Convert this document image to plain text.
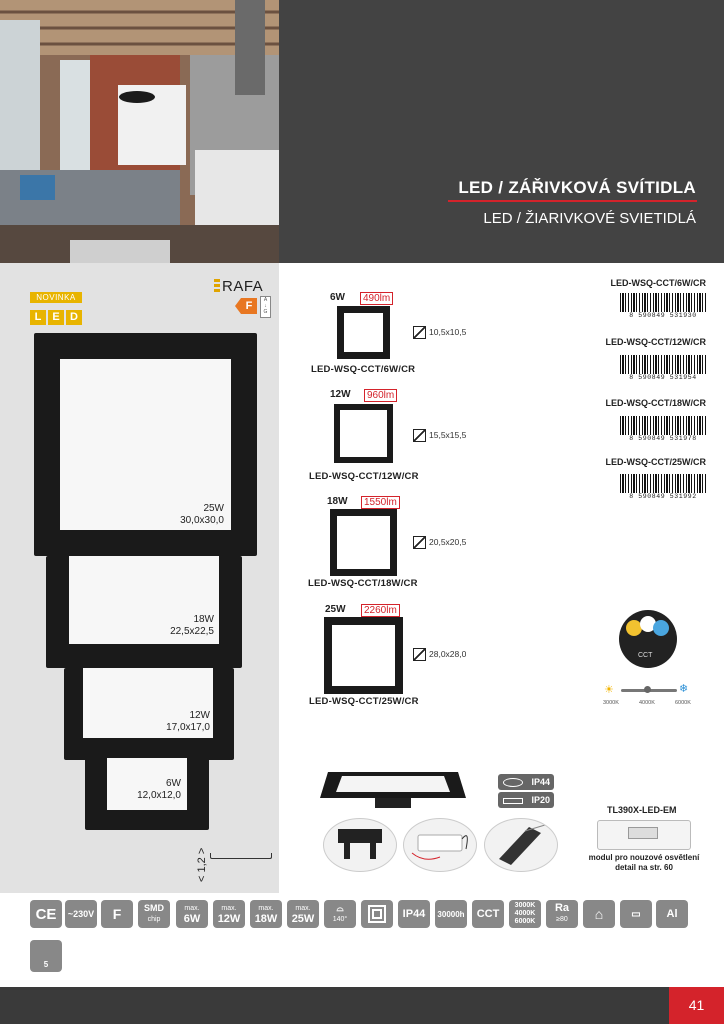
LED / ZÁŘIVKOVÁ SVÍTIDLA
LED / ŽIARIVKOVÉ SVIETIDLÁ
RAFA
NOVINKA
L E D
F	A
↓
G
25W
30,0x30,0
18W
22,5x22,5
12W
17,0x17,0
6W
12,0x12,0
< 1,2 >
6W	490lm
10,5x10,5
LED-WSQ-CCT/6W/CR
12W	960lm
15,5x15,5
LED-WSQ-CCT/12W/CR
18W	1550lm
20,5x20,5
LED-WSQ-CCT/18W/CR
25W	2260lm
28,0x28,0
LED-WSQ-CCT/25W/CR
LED-WSQ-CCT/6W/CR
8 590849 531930
LED-WSQ-CCT/12W/CR
8 590849 531954
LED-WSQ-CCT/18W/CR
8 590849 531978
LED-WSQ-CCT/25W/CR
8 590849 531992
CCT
☀	❄
3000K	4000K	6000K
IP44
IP20
TL390X-LED-EM
modul pro nouzové osvětlení detail na str. 60
CE	~230V	F	SMD
chip
max.
6W
max.
12W
max.
18W
max.
25W
⌓
140°	IP44	30000h	CCT
3000K
4000K
6000K
Ra
≥80	⌂	▭	Al
5
41
